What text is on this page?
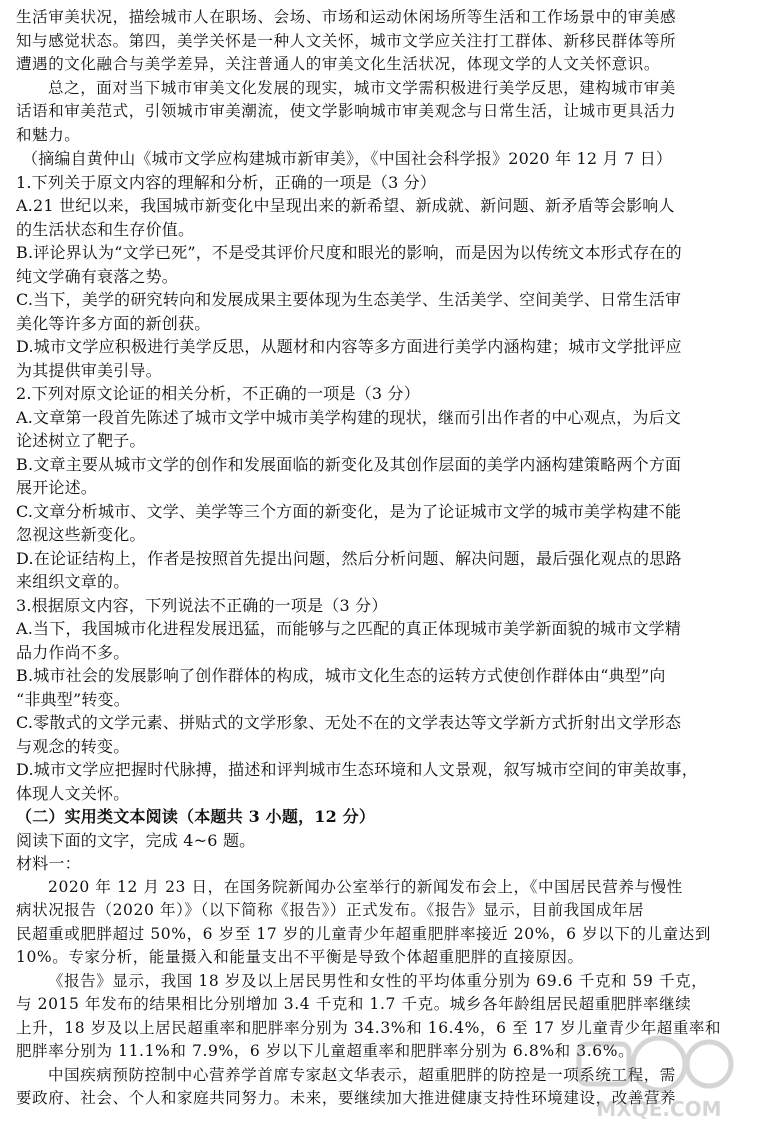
生活审美状况，描绘城市人在职场、会场、市场和运动休闲场所等生活和工作场景中的审美感
知与感觉状态。第四，美学关怀是一种人文关怀，城市文学应关注打工群体、新移民群体等所
遭遇的文化融合与美学差异，关注普通人的审美文化生活状况，体现文学的人文关怀意识。
总之，面对当下城市审美文化发展的现实，城市文学需积极进行美学反思，建构城市审美
话语和审美范式，引领城市审美潮流，使文学影响城市审美观念与日常生活，让城市更具活力
和魅力。
（摘编自黄仲山《城市文学应构建城市新审美》，《中国社会科学报》2020 年 12 月 7 日）
1.下列关于原文内容的理解和分析，正确的一项是（3 分）
A.21 世纪以来，我国城市新变化中呈现出来的新希望、新成就、新问题、新矛盾等会影响人
的生活状态和生存价值。
B.评论界认为“文学已死”，不是受其评价尺度和眼光的影响，而是因为以传统文本形式存在的
纯文学确有衰落之势。
C.当下，美学的研究转向和发展成果主要体现为生态美学、生活美学、空间美学、日常生活审
美化等许多方面的新创获。
D.城市文学应积极进行美学反思，从题材和内容等多方面进行美学内涵构建；城市文学批评应
为其提供审美引导。
2.下列对原文论证的相关分析，不正确的一项是（3 分）
A.文章第一段首先陈述了城市文学中城市美学构建的现状，继而引出作者的中心观点，为后文
论述树立了靶子。
B.文章主要从城市文学的创作和发展面临的新变化及其创作层面的美学内涵构建策略两个方面
展开论述。
C.文章分析城市、文学、美学等三个方面的新变化，是为了论证城市文学的城市美学构建不能
忽视这些新变化。
D.在论证结构上，作者是按照首先提出问题，然后分析问题、解决问题，最后强化观点的思路
来组织文章的。
3.根据原文内容，下列说法不正确的一项是（3 分）
A.当下，我国城市化进程发展迅猛，而能够与之匹配的真正体现城市美学新面貌的城市文学精
品力作尚不多。
B.城市社会的发展影响了创作群体的构成，城市文化生态的运转方式使创作群体由“典型”向
“非典型”转变。
C.零散式的文学元素、拼贴式的文学形象、无处不在的文学表达等文学新方式折射出文学形态
与观念的转变。
D.城市文学应把握时代脉搏，描述和评判城市生态环境和人文景观，叙写城市空间的审美故事，
体现人文关怀。
（二）实用类文本阅读（本题共 3 小题，12 分）
阅读下面的文字，完成 4~6 题。
材料一：
2020 年 12 月 23 日，在国务院新闻办公室举行的新闻发布会上，《中国居民营养与慢性
病状况报告（2020 年）》（以下简称《报告》）正式发布。《报告》显示，目前我国成年居
民超重或肥胖超过 50%，6 岁至 17 岁的儿童青少年超重肥胖率接近 20%，6 岁以下的儿童达到
10%。专家分析，能量摄入和能量支出不平衡是导致个体超重肥胖的直接原因。
《报告》显示，我国 18 岁及以上居民男性和女性的平均体重分别为 69.6 千克和 59 千克，
与 2015 年发布的结果相比分别增加 3.4 千克和 1.7 千克。城乡各年龄组居民超重肥胖率继续
上升，18 岁及以上居民超重率和肥胖率分别为 34.3%和 16.4%，6 至 17 岁儿童青少年超重率和
肥胖率分别为 11.1%和 7.9%，6 岁以下儿童超重率和肥胖率分别为 6.8%和 3.6%。
中国疾病预防控制中心营养学首席专家赵文华表示，超重肥胖的防控是一项系统工程，需
要政府、社会、个人和家庭共同努力。未来，要继续加大推进健康支持性环境建设，改善营养
MXQE.COM
